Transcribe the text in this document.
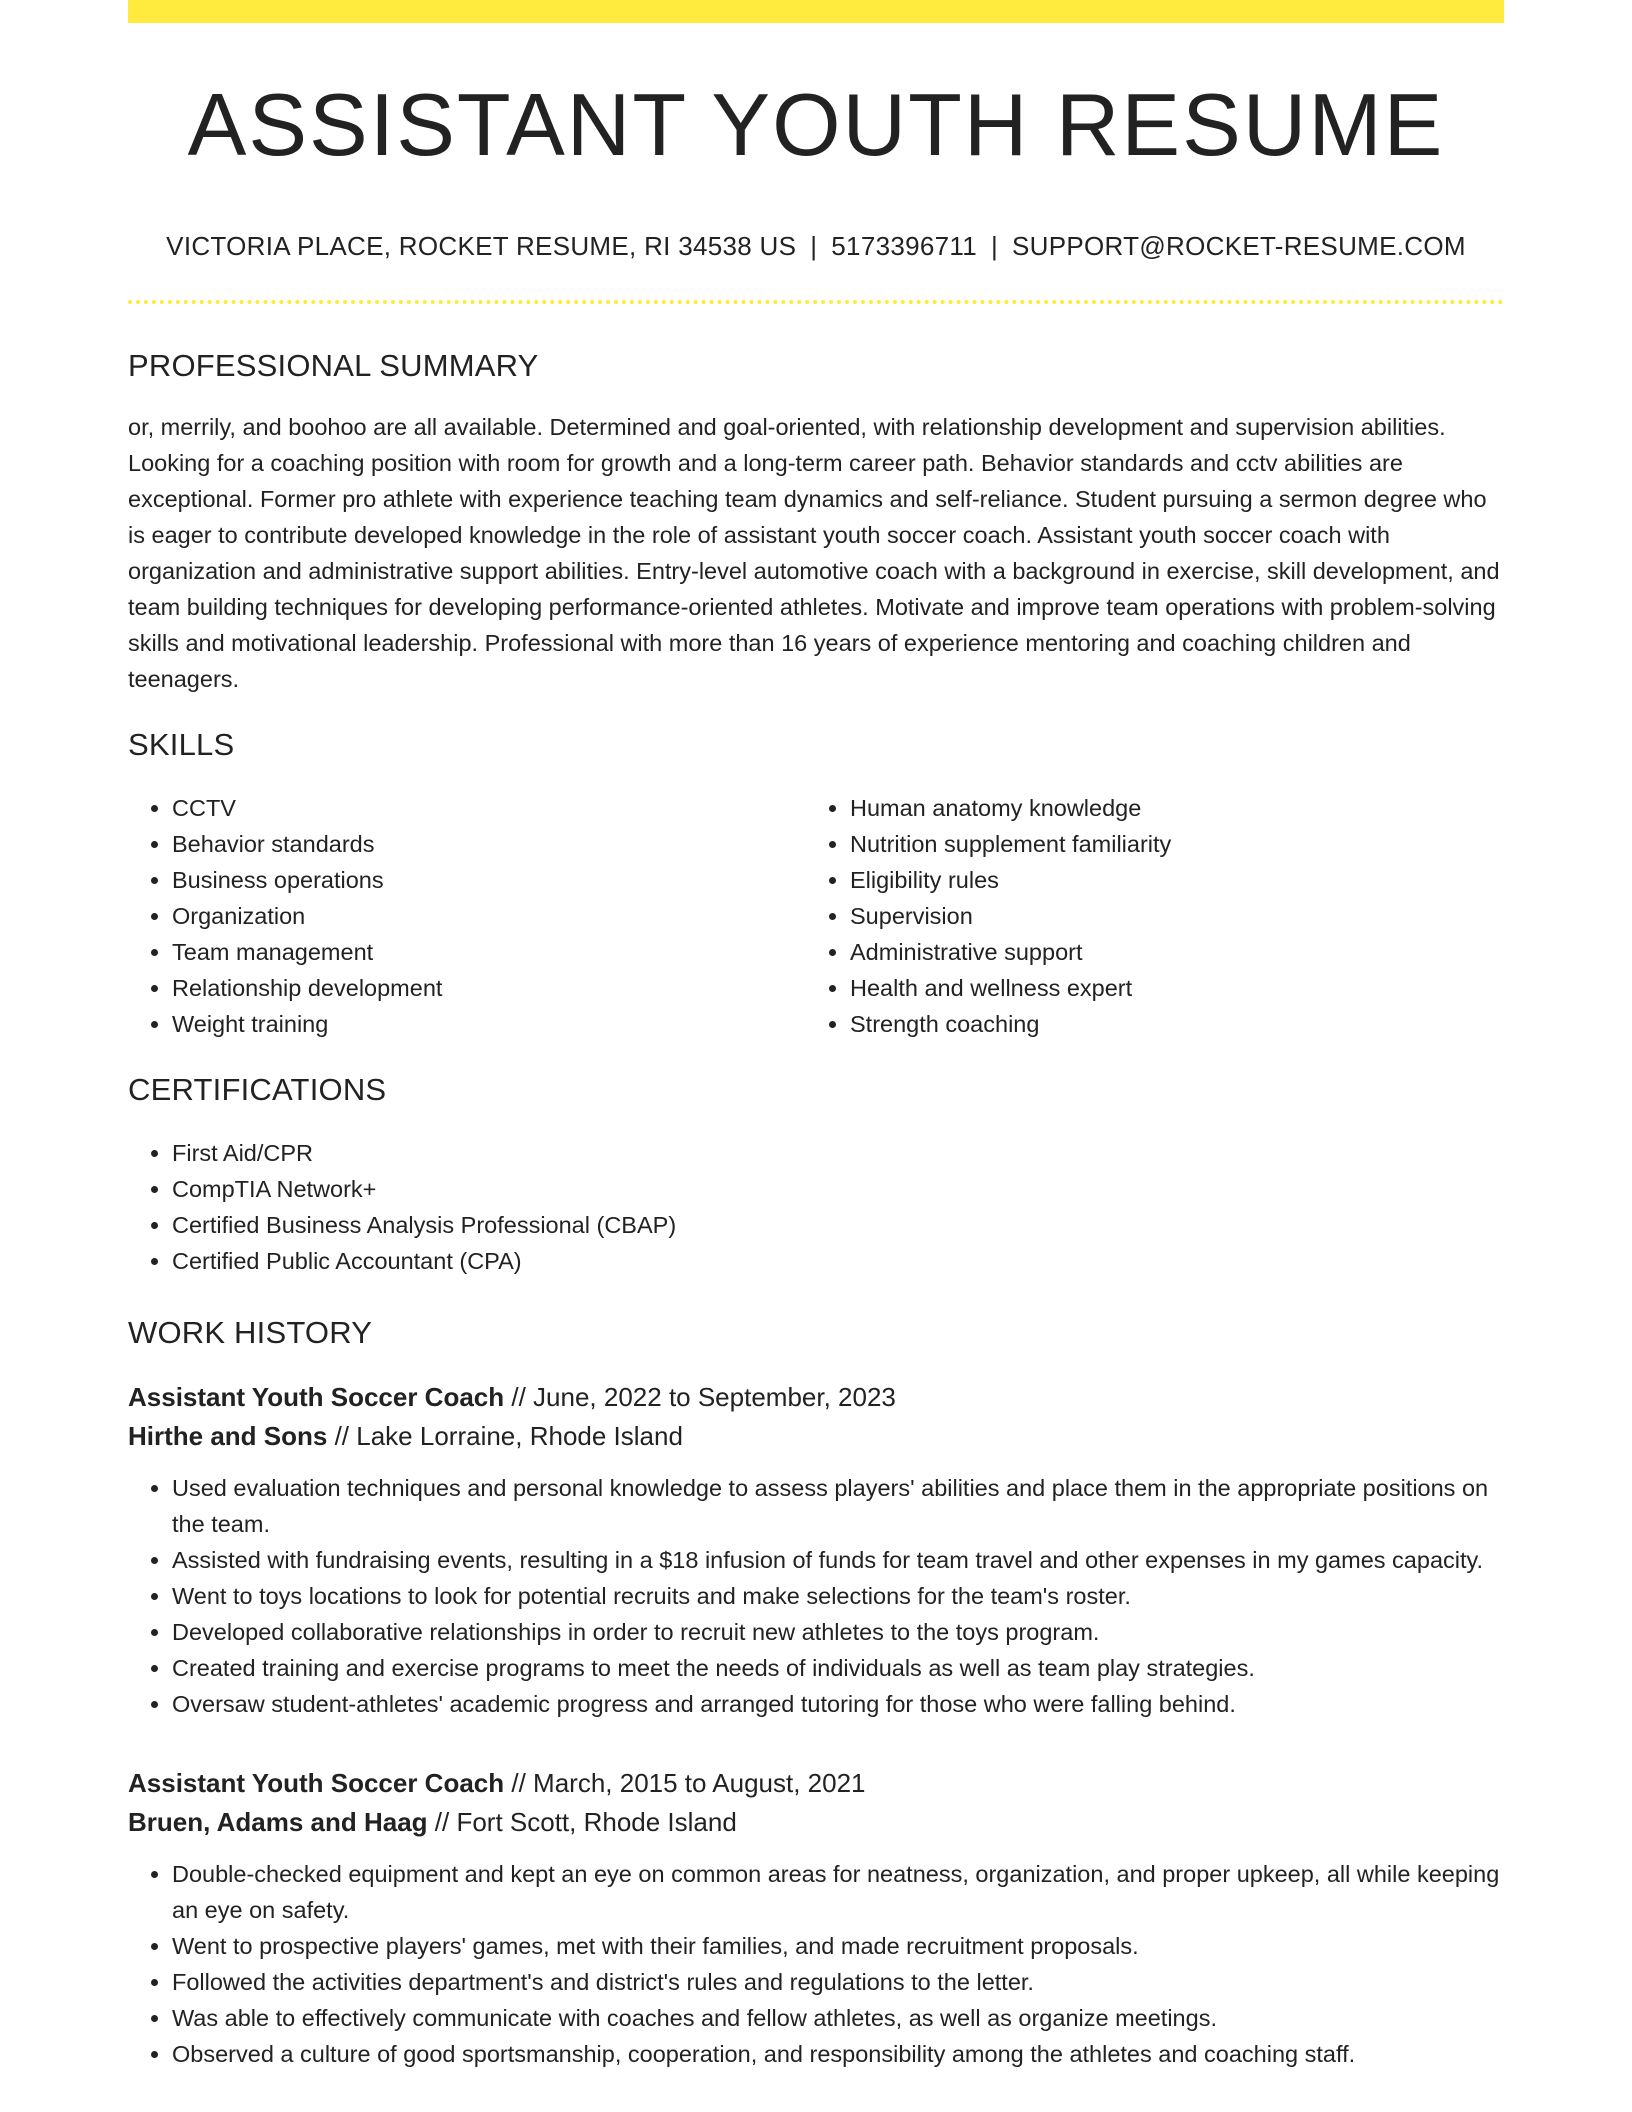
ASSISTANT YOUTH RESUME
VICTORIA PLACE, ROCKET RESUME, RI 34538 US | 5173396711 | SUPPORT@ROCKET-RESUME.COM
PROFESSIONAL SUMMARY

or, merrily, and boohoo are all available. Determined and goal-oriented, with relationship development and supervision abilities. Looking for a coaching position with room for growth and a long-term career path. Behavior standards and cctv abilities are exceptional. Former pro athlete with experience teaching team dynamics and self-reliance. Student pursuing a sermon degree who is eager to contribute developed knowledge in the role of assistant youth soccer coach. Assistant youth soccer coach with organization and administrative support abilities. Entry-level automotive coach with a background in exercise, skill development, and team building techniques for developing performance-oriented athletes. Motivate and improve team operations with problem-solving skills and motivational leadership. Professional with more than 16 years of experience mentoring and coaching children and teenagers.

SKILLS
• CCTV
• Behavior standards
• Business operations
• Organization
• Team management
• Relationship development
• Weight training
• Human anatomy knowledge
• Nutrition supplement familiarity
• Eligibility rules
• Supervision
• Administrative support
• Health and wellness expert
• Strength coaching
CERTIFICATIONS
• First Aid/CPR
• CompTIA Network+
• Certified Business Analysis Professional (CBAP)
• Certified Public Accountant (CPA)
WORK HISTORY
Assistant Youth Soccer Coach // June, 2022 to September, 2023
Hirthe and Sons // Lake Lorraine, Rhode Island
• Used evaluation techniques and personal knowledge to assess players' abilities and place them in the appropriate positions on the team.
• Assisted with fundraising events, resulting in a $18 infusion of funds for team travel and other expenses in my games capacity.
• Went to toys locations to look for potential recruits and make selections for the team's roster.
• Developed collaborative relationships in order to recruit new athletes to the toys program.
• Created training and exercise programs to meet the needs of individuals as well as team play strategies.
• Oversaw student-athletes' academic progress and arranged tutoring for those who were falling behind.
Assistant Youth Soccer Coach // March, 2015 to August, 2021
Bruen, Adams and Haag // Fort Scott, Rhode Island
• Double-checked equipment and kept an eye on common areas for neatness, organization, and proper upkeep, all while keeping an eye on safety.
• Went to prospective players' games, met with their families, and made recruitment proposals.
• Followed the activities department's and district's rules and regulations to the letter.
• Was able to effectively communicate with coaches and fellow athletes, as well as organize meetings.
• Observed a culture of good sportsmanship, cooperation, and responsibility among the athletes and coaching staff.
